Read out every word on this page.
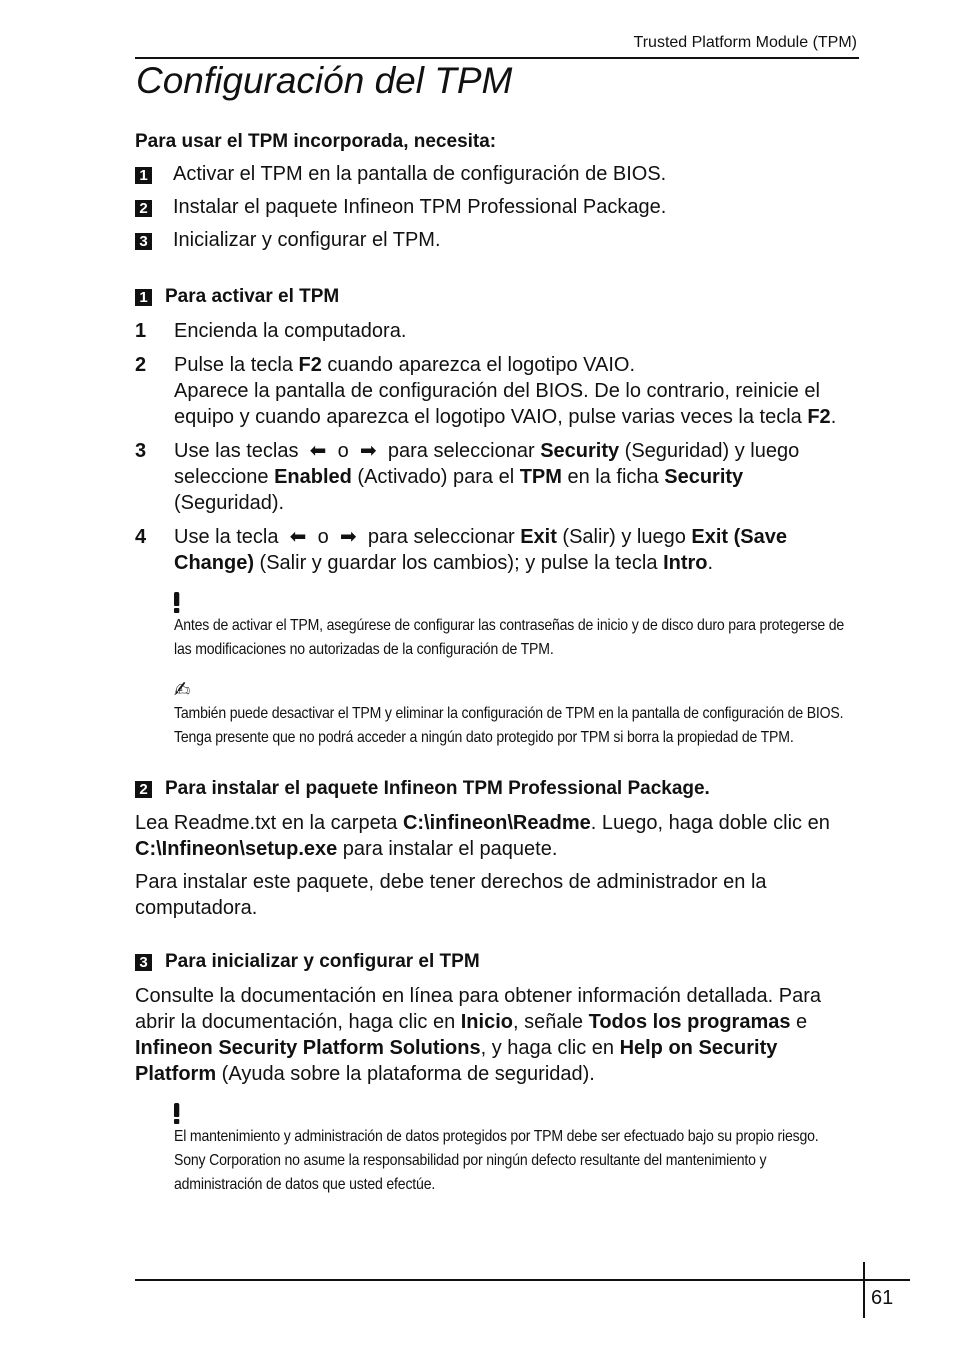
Trusted Platform Module (TPM)
Configuración del TPM

Para usar el TPM incorporada, necesita:

1 Activar el TPM en la pantalla de configuración de BIOS.
2 Instalar el paquete Infineon TPM Professional Package.
3 Inicializar y configurar el TPM.
1 Para activar el TPM
1	Encienda la computadora.
2	Pulse la tecla F2 cuando aparezca el logotipo VAIO.
Aparece la pantalla de configuración del BIOS. De lo contrario, reinicie el equipo y cuando aparezca el logotipo VAIO, pulse varias veces la tecla F2.
3	Use las teclas ⬅ o ➡ para seleccionar Security (Seguridad) y luego seleccione Enabled (Activado) para el TPM en la ficha Security (Seguridad).
4	Use la tecla ⬅ o ➡ para seleccionar Exit (Salir) y luego Exit (Save Change) (Salir y guardar los cambios); y pulse la tecla Intro.

Antes de activar el TPM, asegúrese de configurar las contraseñas de inicio y de disco duro para protegerse de las modificaciones no autorizadas de la configuración de TPM.

✍

También puede desactivar el TPM y eliminar la configuración de TPM en la pantalla de configuración de BIOS. Tenga presente que no podrá acceder a ningún dato protegido por TPM si borra la propiedad de TPM.

2 Para instalar el paquete Infineon TPM Professional Package.

Lea Readme.txt en la carpeta C:\infineon\Readme. Luego, haga doble clic en C:\Infineon\setup.exe para instalar el paquete.

Para instalar este paquete, debe tener derechos de administrador en la computadora.

3 Para inicializar y configurar el TPM

Consulte la documentación en línea para obtener información detallada. Para abrir la documentación, haga clic en Inicio, señale Todos los programas e Infineon Security Platform Solutions, y haga clic en Help on Security Platform (Ayuda sobre la plataforma de seguridad).

El mantenimiento y administración de datos protegidos por TPM debe ser efectuado bajo su propio riesgo. Sony Corporation no asume la responsabilidad por ningún defecto resultante del mantenimiento y administración de datos que usted efectúe.

61
